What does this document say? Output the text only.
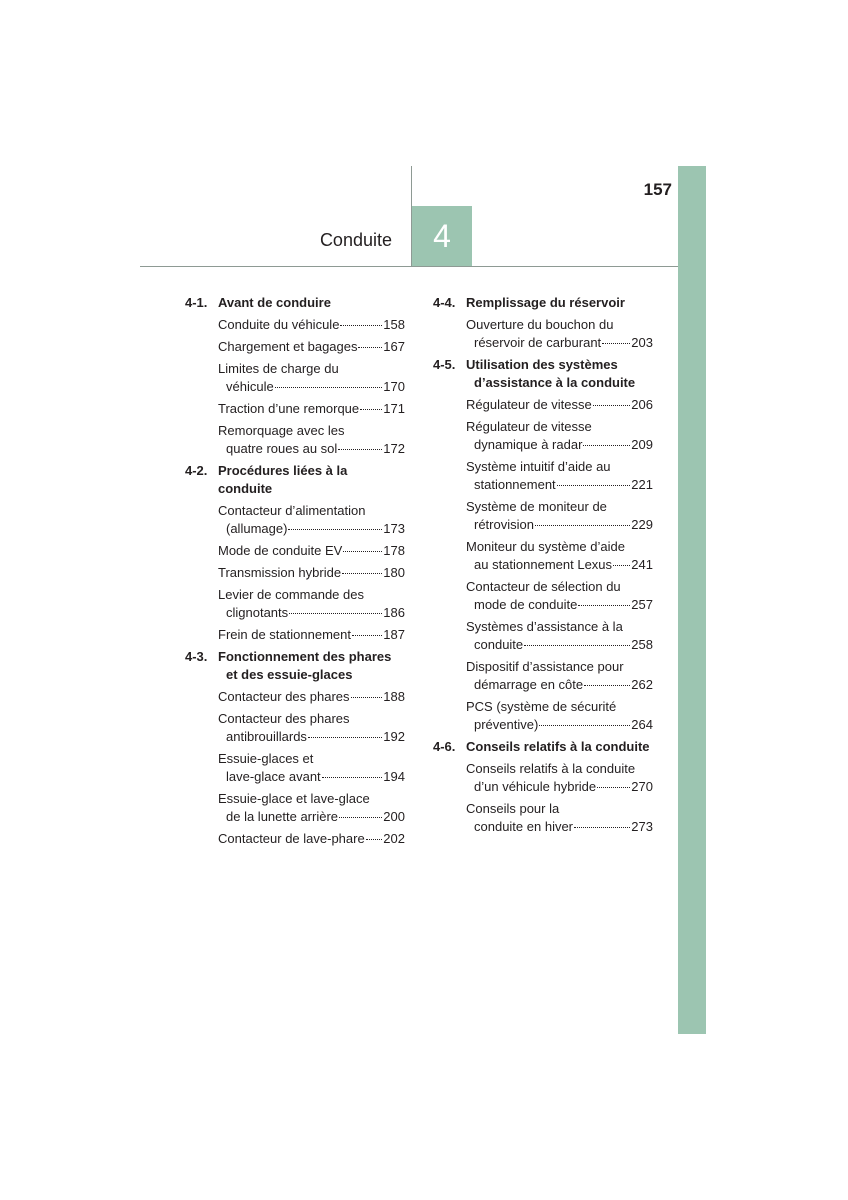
157
Conduite	4
4-1. Avant de conduire
Conduite du véhicule	158
Chargement et bagages 167
Limites de charge du
véhicule	170
Traction d’une remorque 171
Remorquage avec les
quatre roues au sol	172
4-2. Procédures liées à la conduite
Contacteur d’alimentation
(allumage)	173
Mode de conduite EV	178
Transmission hybride	180
Levier de commande des
clignotants	186
Frein de stationnement 187
4-3. Fonctionnement des phares
et des essuie-glaces
Contacteur des phares	188
Contacteur des phares
antibrouillards	192
Essuie-glaces et
lave-glace avant	194
Essuie-glace et lave-glace
de la lunette arrière	200
Contacteur de lave-phare 202
4-4. Remplissage du réservoir
Ouverture du bouchon du
réservoir de carburant 203
4-5. Utilisation des systèmes
d’assistance à la conduite
Régulateur de vitesse	206
Régulateur de vitesse
dynamique à radar	209
Système intuitif d’aide au
stationnement	221
Système de moniteur de
rétrovision	229
Moniteur du système d’aide
au stationnement Lexus 241
Contacteur de sélection du
mode de conduite	257
Systèmes d’assistance à la
conduite	258
Dispositif d’assistance pour
démarrage en côte	262
PCS (système de sécurité
préventive)	264
4-6. Conseils relatifs à la conduite
Conseils relatifs à la conduite
d’un véhicule hybride	270
Conseils pour la
conduite en hiver	273
